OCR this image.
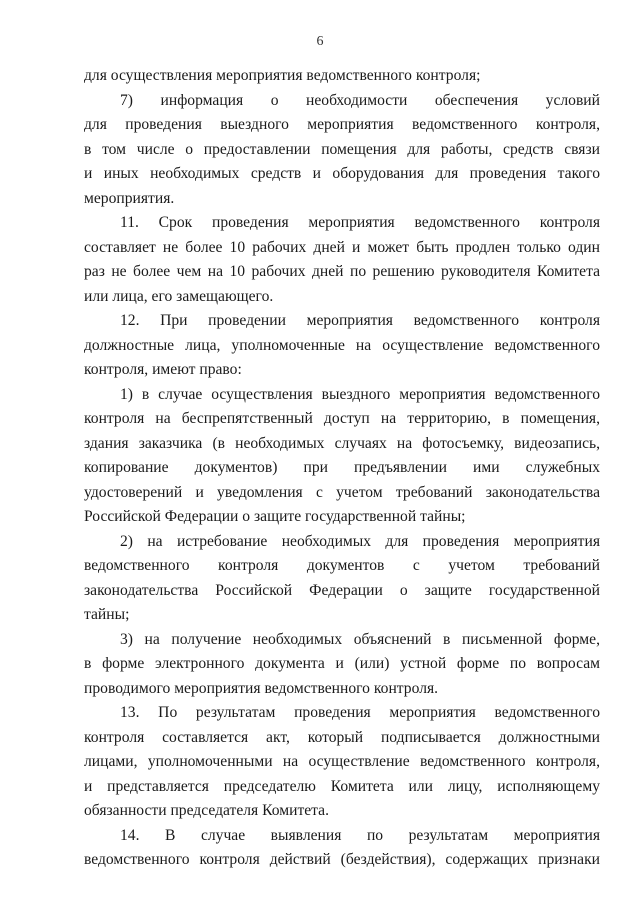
6
для осуществления мероприятия ведомственного контроля;
7) информация о необходимости обеспечения условий
для проведения выездного мероприятия ведомственного контроля,
в том числе о предоставлении помещения для работы, средств связи
и иных необходимых средств и оборудования для проведения такого
мероприятия.
11. Срок проведения мероприятия ведомственного контроля
составляет не более 10 рабочих дней и может быть продлен только один
раз не более чем на 10 рабочих дней по решению руководителя Комитета
или лица, его замещающего.
12. При проведении мероприятия ведомственного контроля
должностные лица, уполномоченные на осуществление ведомственного
контроля, имеют право:
1) в случае осуществления выездного мероприятия ведомственного
контроля на беспрепятственный доступ на территорию, в помещения,
здания заказчика (в необходимых случаях на фотосъемку, видеозапись,
копирование документов) при предъявлении ими служебных
удостоверений и уведомления с учетом требований законодательства
Российской Федерации о защите государственной тайны;
2) на истребование необходимых для проведения мероприятия
ведомственного контроля документов с учетом требований
законодательства Российской Федерации о защите государственной
тайны;
3) на получение необходимых объяснений в письменной форме,
в форме электронного документа и (или) устной форме по вопросам
проводимого мероприятия ведомственного контроля.
13. По результатам проведения мероприятия ведомственного
контроля составляется акт, который подписывается должностными
лицами, уполномоченными на осуществление ведомственного контроля,
и представляется председателю Комитета или лицу, исполняющему
обязанности председателя Комитета.
14. В случае выявления по результатам мероприятия
ведомственного контроля действий (бездействия), содержащих признаки
